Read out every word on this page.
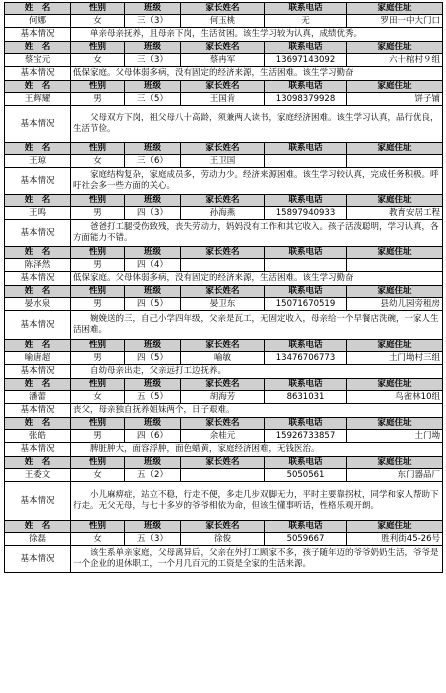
姓　名	性别	班级	家长姓名	联系电话	家庭住址
何娜	女	三（3）	何玉桃	无	罗田一中大门口
基本情况	　　单亲母亲抚养，且母亲下岗，生活贫困。该生学习较为认真，成绩优秀。				
姓　名	性别	班级	家长姓名	联系电话	家庭住址
蔡宝元	女	三（3）	蔡冉军	13697143092	六十棺村９组
基本情况	低保家庭。父母体弱多病，没有固定的经济来源，生活困难。该生学习勤奋				
姓　名	性别	班级	家长姓名	联系电话	家庭住址
王辉耀	男	三（5）	王国肯	13098379928	饼子铺
基本情况	　　父母双方下岗，祖父母八十高龄，须兼两人读书，家庭经济困难。该生学习认真，品行优良，生活节俭。				
姓　名	性别	班级	家长姓名	联系电话	家庭住址
王琼	女	三（6）	王卫国		
基本情况	　　家庭结构复杂，家庭成员多，劳动力少。经济来源困难。该生学习较认真，完成任务积极。呼吁社会多一些方面的关心。				
姓　名	性别	班级	家长姓名	联系电话	家庭住址
王鸣	男	四（3）	孙海燕	15897940933	教育安居工程
基本情况	　　爸爸打工腿受伤致残，丧失劳动力，妈妈没有工作和其它收入。孩子活泼聪明，学习认真，各方面能力不错。				
姓　名	性别	班级	家长姓名	联系电话	家庭住址
陈泽然	男	四（4）			
基本情况	低保家庭。父母体弱多病，没有固定的经济来源，生活困难。该生学习勤奋				
姓　名	性别	班级	家长姓名	联系电话	家庭住址
晏水泉	男	四（5）	晏卫东	15071670519	县幼儿园旁租房
基本情况	　　婉娩送的三，自己小学四年级，父亲是瓦工，无固定收入，母亲给一个早餐店洗碗，一家人生活困难。				
姓　名	性别	班级	家长姓名	联系电话	家庭住址
喻唐超	男	四（5）	喻敏	13476706773	土门坳村三组
基本情况	　　自幼母亲出走，父亲远打工边抚养。				
姓　名	性别	班级	家长姓名	联系电话	家庭住址
潘蕾	女	五（5）	胡海芳	8631031	鸟雀林10组
基本情况	丧父，母亲独自抚养姐妹两个，日子艰难。				
姓　名	性别	班级	家长姓名	联系电话	家庭住址
张皓	男	四（6）	余桂元	15926733857	土门坳
基本情况	　　脾脏肿大，面容浮肿，面色蜡黄，家庭经济困难，无钱医治。				
姓　名	性别	班级	家长姓名	联系电话	家庭住址
王委文	女	五（2）		5050561	东门器品厂
基本情况	　　小儿麻痹症，站立不稳，行走不便，多走几步双脚无力，平时主要靠拐杖，同学和家人帮助下行走。无父无母，与七十多岁的爷爷相依为命，但该生懂事听话，性格乐观开朗。				
姓　名	性别	班级	家长姓名	联系电话	家庭住址
徐磊	女	五（3）	徐俊	5059667	胜利街45-26号
基本情况	　　该生系单亲家庭，父母离异后，父亲在外打工顾家不多，孩子随年迈的爷爷奶奶生活，爷爷是一个企业的退休职工，一个月几百元的工资是全家的生活来源。				
